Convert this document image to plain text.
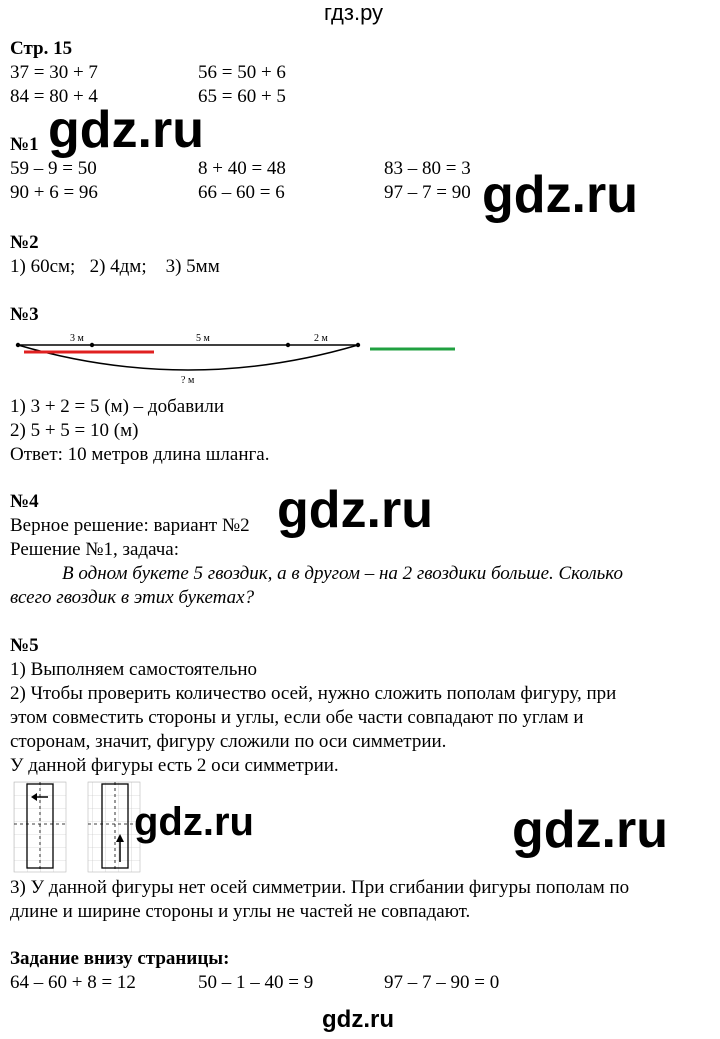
гдз.ру
Стр. 15
37 = 30 + 7	56 = 50 + 6
84 = 80 + 4	65 = 60 + 5
gdz.ru
№1
59 – 9 = 50	8 + 40 = 48	83 – 80 = 3
90 + 6 = 96	66 – 60 = 6	97 – 7 = 90 gdz.ru
№2
1) 60см;   2) 4дм;    3) 5мм
№3
3 м	5 м	2 м
? м
1) 3 + 2 = 5 (м) – добавили
2) 5 + 5 = 10 (м)
Ответ: 10 метров длина шланга.
№4
Верное решение: вариант №2
Решение №1, задача:
В одном букете 5 гвоздик, а в другом – на 2 гвоздики больше. Сколько
всего гвоздик в этих букетах?
gdz.ru
№5
1) Выполняем самостоятельно
2) Чтобы проверить количество осей, нужно сложить пополам фигуру, при
этом совместить стороны и углы, если обе части совпадают по углам и
сторонам, значит, фигуру сложили по оси симметрии.
У данной фигуры есть 2 оси симметрии.
gdz.ru	gdz.ru
3) У данной фигуры нет осей симметрии. При сгибании фигуры пополам по
длине и ширине стороны и углы не частей не совпадают.
Задание внизу страницы:
64 – 60 + 8 = 12	50 – 1 – 40 = 9	97 – 7 – 90 = 0
gdz.ru
